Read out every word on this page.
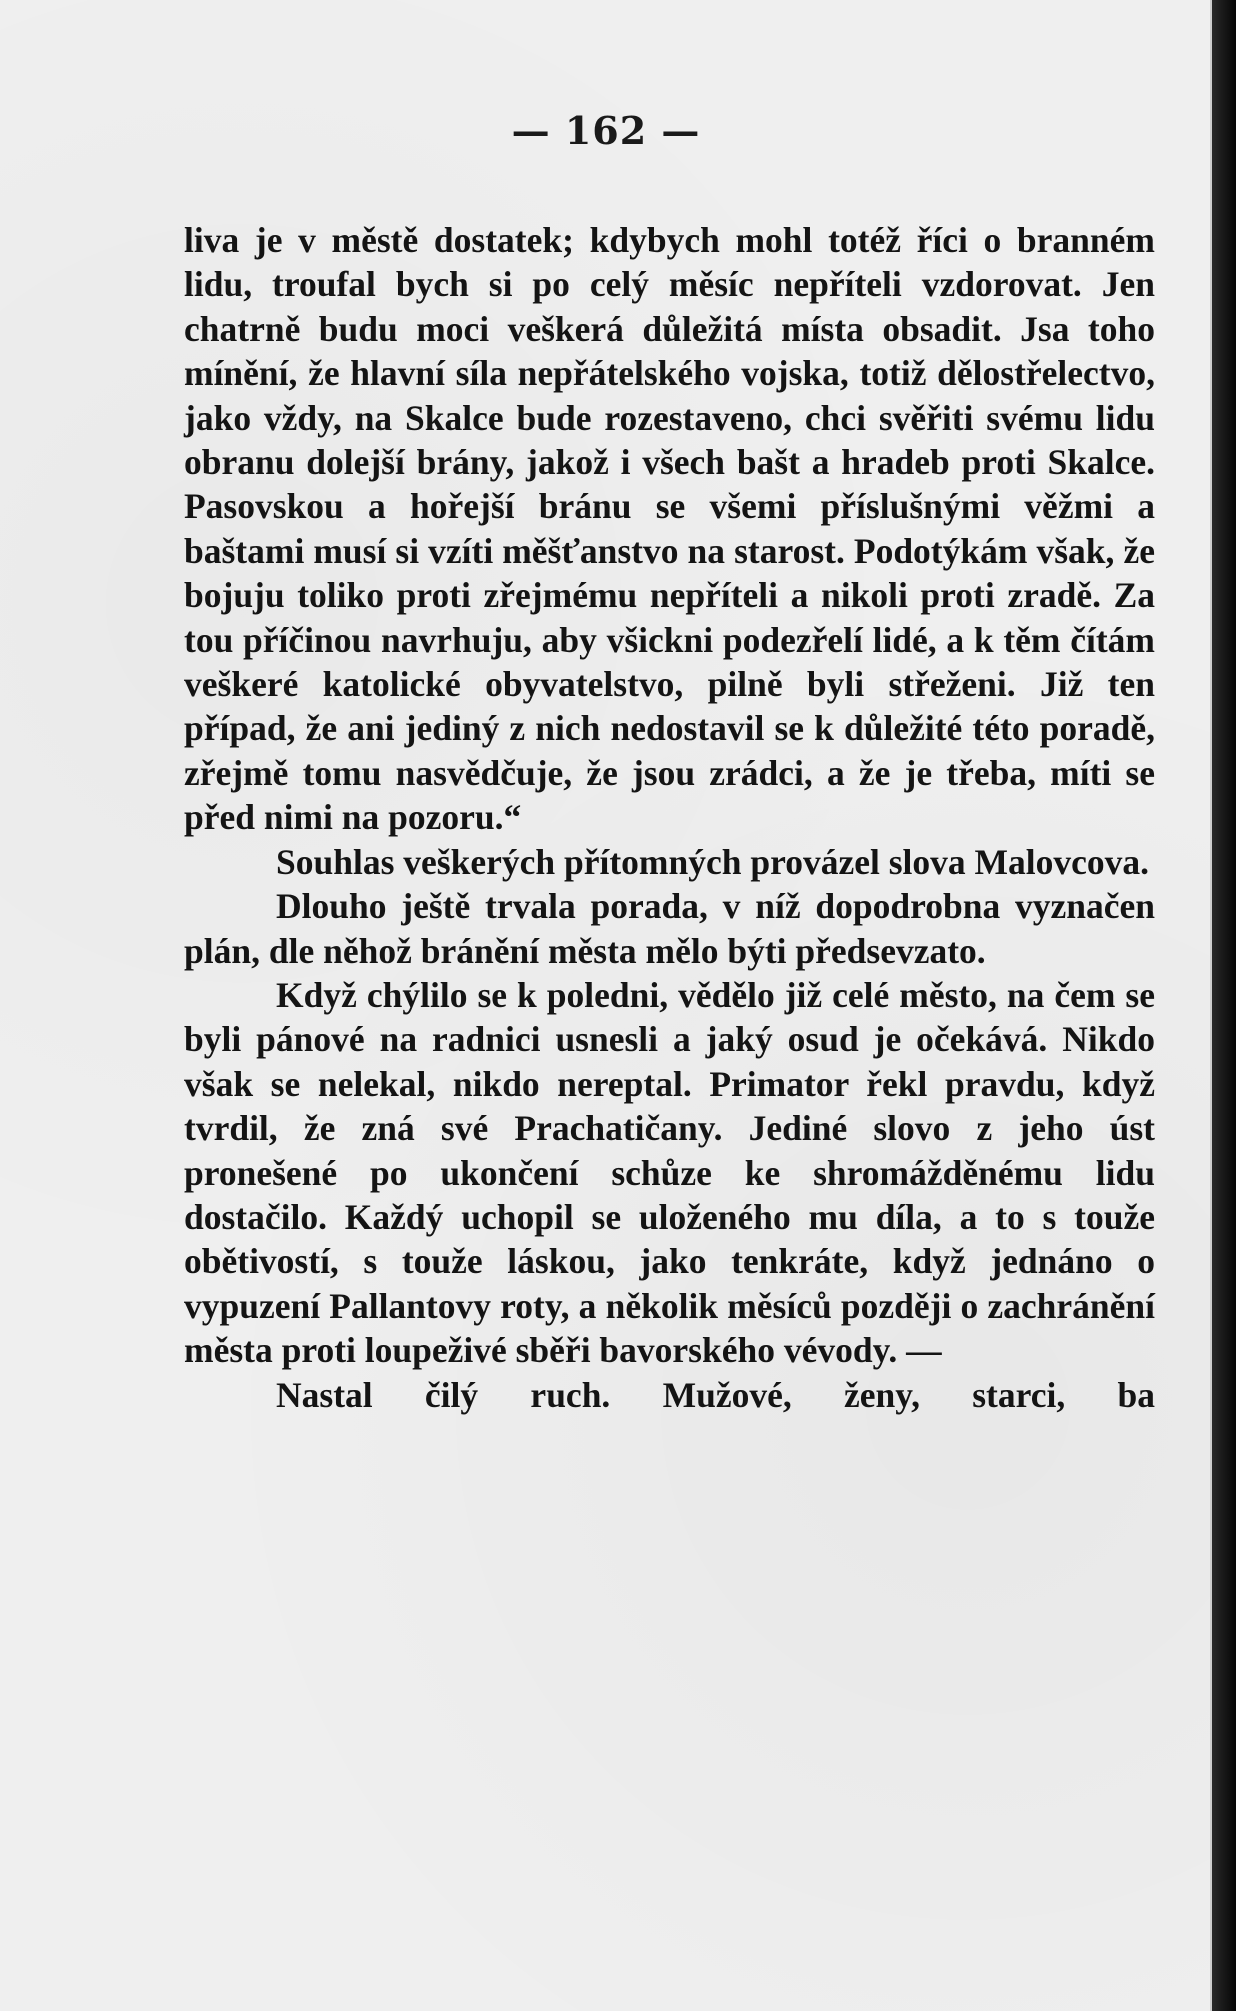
— 162 —

liva je v městě dostatek; kdybych mohl totéž říci o branném lidu, troufal bych si po celý měsíc nepříteli vzdorovat. Jen chatrně budu moci veškerá důležitá místa obsadit. Jsa toho mínění, že hlavní síla nepřátelského vojska, totiž dělostřelectvo, jako vždy, na Skalce bude rozestaveno, chci svěřiti svému lidu obranu dolejší brány, jakož i všech bašt a hradeb proti Skalce. Pasovskou a hořejší bránu se všemi příslušnými věžmi a baštami musí si vzíti měšťanstvo na starost. Podotýkám však, že bojuju toliko proti zřejmému nepříteli a nikoli proti zradě. Za tou příčinou navrhuju, aby všickni podezřelí lidé, a k těm čítám veškeré katolické obyvatelstvo, pilně byli střeženi. Již ten případ, že ani jediný z nich nedostavil se k důležité této poradě, zřejmě tomu nasvědčuje, že jsou zrádci, a že je třeba, míti se před nimi na pozoru.“

Souhlas veškerých přítomných provázel slova Malovcova.

Dlouho ještě trvala porada, v níž dopodrobna vyznačen plán, dle něhož bránění města mělo býti předsevzato.

Když chýlilo se k poledni, vědělo již celé město, na čem se byli pánové na radnici usnesli a jaký osud je očekává. Nikdo však se nelekal, nikdo nereptal. Primator řekl pravdu, když tvrdil, že zná své Prachatičany. Jediné slovo z jeho úst pronešené po ukončení schůze ke shromážděnému lidu dostačilo. Každý uchopil se uloženého mu díla, a to s touže obětivostí, s touže láskou, jako tenkráte, když jednáno o vypuzení Pallantovy roty, a několik měsíců později o zachránění města proti loupeživé sběři bavorského vévody. —

Nastal čilý ruch. Mužové, ženy, starci, ba
